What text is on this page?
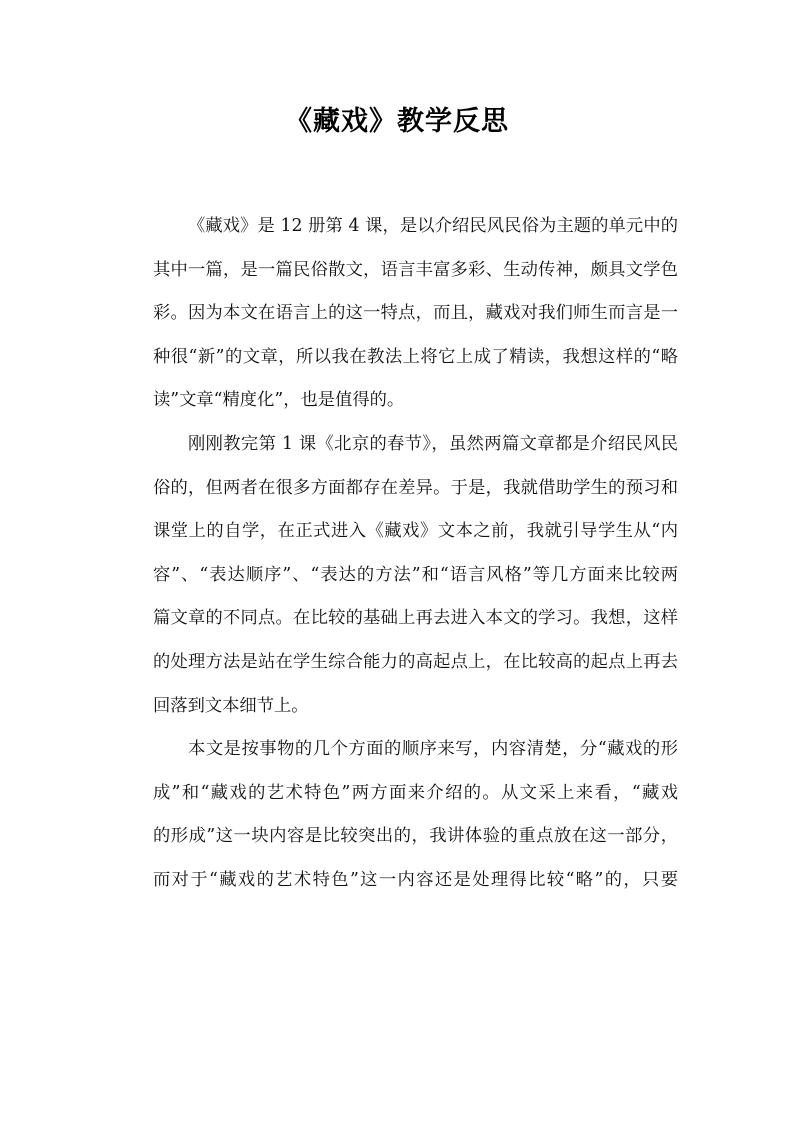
《藏戏》教学反思
《藏戏》是 12 册第 4 课，是以介绍民风民俗为主题的单元中的
其中一篇，是一篇民俗散文，语言丰富多彩、生动传神，颇具文学色
彩。因为本文在语言上的这一特点，而且，藏戏对我们师生而言是一
种很“新”的文章，所以我在教法上将它上成了精读，我想这样的“略
读”文章“精度化”，也是值得的。
刚刚教完第 1 课《北京的春节》，虽然两篇文章都是介绍民风民
俗的，但两者在很多方面都存在差异。于是，我就借助学生的预习和
课堂上的自学，在正式进入《藏戏》文本之前，我就引导学生从“内
容”、“表达顺序”、“表达的方法”和“语言风格”等几方面来比较两
篇文章的不同点。在比较的基础上再去进入本文的学习。我想，这样
的处理方法是站在学生综合能力的高起点上，在比较高的起点上再去
回落到文本细节上。
本文是按事物的几个方面的顺序来写，内容清楚，分“藏戏的形
成”和“藏戏的艺术特色”两方面来介绍的。从文采上来看，“藏戏
的形成”这一块内容是比较突出的，我讲体验的重点放在这一部分，
而对于“藏戏的艺术特色”这一内容还是处理得比较“略”的，只要
